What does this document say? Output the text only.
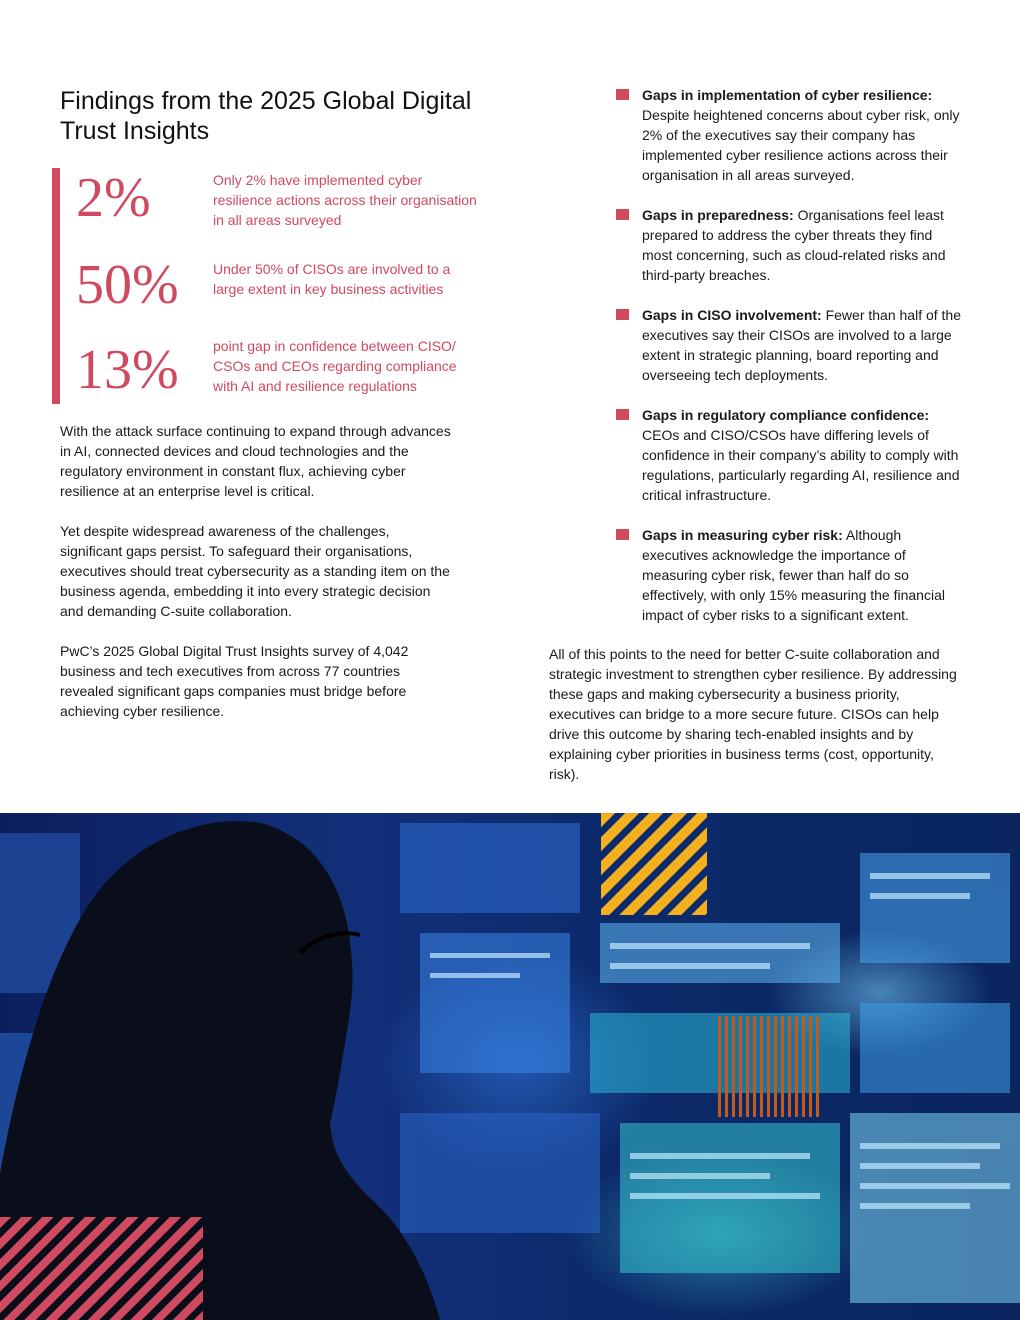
Findings from the 2025 Global Digital Trust Insights
2%	Only 2% have implemented cyber resilience actions across their organisation in all areas surveyed
50% Under 50% of CISOs are involved to a large extent in key business activities
13% point gap in confidence between CISO/ CSOs and CEOs regarding compliance with AI and resilience regulations

With the attack surface continuing to expand through advances in AI, connected devices and cloud technologies and the regulatory environment in constant flux, achieving cyber resilience at an enterprise level is critical.

Yet despite widespread awareness of the challenges, significant gaps persist. To safeguard their organisations, executives should treat cybersecurity as a standing item on the business agenda, embedding it into every strategic decision and demanding C-suite collaboration.

PwC’s 2025 Global Digital Trust Insights survey of 4,042 business and tech executives from across 77 countries revealed significant gaps companies must bridge before achieving cyber resilience.

Gaps in implementation of cyber resilience: Despite heightened concerns about cyber risk, only 2% of the executives say their company has implemented cyber resilience actions across their organisation in all areas surveyed.
Gaps in preparedness: Organisations feel least prepared to address the cyber threats they find most concerning, such as cloud-related risks and third-party breaches.
Gaps in CISO involvement: Fewer than half of the executives say their CISOs are involved to a large extent in strategic planning, board reporting and overseeing tech deployments.
Gaps in regulatory compliance confidence: CEOs and CISO/CSOs have differing levels of confidence in their company’s ability to comply with regulations, particularly regarding AI, resilience and critical infrastructure.
Gaps in measuring cyber risk: Although executives acknowledge the importance of measuring cyber risk, fewer than half do so effectively, with only 15% measuring the financial impact of cyber risks to a significant extent.

All of this points to the need for better C-suite collaboration and strategic investment to strengthen cyber resilience. By addressing these gaps and making cybersecurity a business priority, executives can bridge to a more secure future. CISOs can help drive this outcome by sharing tech-enabled insights and by explaining cyber priorities in business terms (cost, opportunity, risk).
